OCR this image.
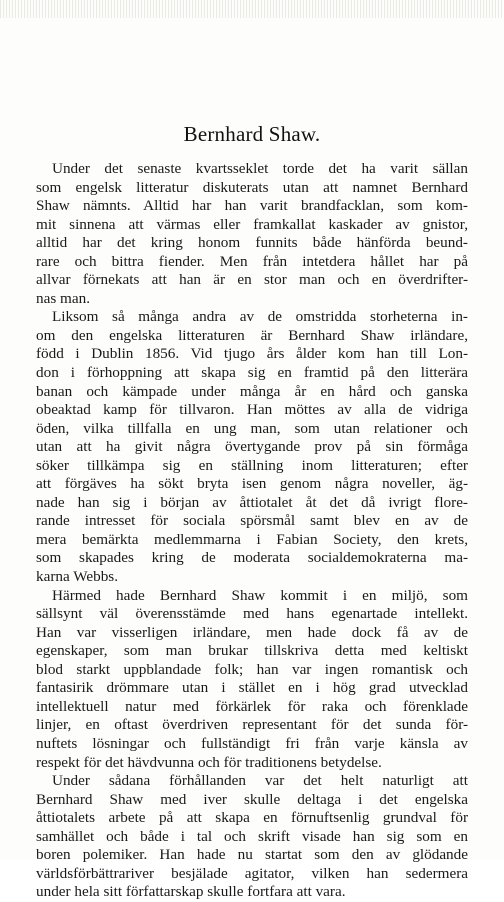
Bernhard Shaw.
Under det senaste kvartsseklet torde det ha varit sällan
som engelsk litteratur diskuterats utan att namnet Bernhard
Shaw nämnts. Alltid har han varit brandfacklan, som kom-
mit sinnena att värmas eller framkallat kaskader av gnistor,
alltid har det kring honom funnits både hänförda beund-
rare och bittra fiender. Men från intetdera hållet har på
allvar förnekats att han är en stor man och en överdrifter-
nas man.
Liksom så många andra av de omstridda storheterna in-
om den engelska litteraturen är Bernhard Shaw irländare,
född i Dublin 1856. Vid tjugo års ålder kom han till Lon-
don i förhoppning att skapa sig en framtid på den litterära
banan och kämpade under många år en hård och ganska
obeaktad kamp för tillvaron. Han möttes av alla de vidriga
öden, vilka tillfalla en ung man, som utan relationer och
utan att ha givit några övertygande prov på sin förmåga
söker tillkämpa sig en ställning inom litteraturen; efter
att förgäves ha sökt bryta isen genom några noveller, äg-
nade han sig i början av åttiotalet åt det då ivrigt flore-
rande intresset för sociala spörsmål samt blev en av de
mera bemärkta medlemmarna i Fabian Society, den krets,
som skapades kring de moderata socialdemokraterna ma-
karna Webbs.
Härmed hade Bernhard Shaw kommit i en miljö, som
sällsynt väl överensstämde med hans egenartade intellekt.
Han var visserligen irländare, men hade dock få av de
egenskaper, som man brukar tillskriva detta med keltiskt
blod starkt uppblandade folk; han var ingen romantisk och
fantasirik drömmare utan i stället en i hög grad utvecklad
intellektuell natur med förkärlek för raka och förenklade
linjer, en oftast överdriven representant för det sunda för-
nuftets lösningar och fullständigt fri från varje känsla av
respekt för det hävdvunna och för traditionens betydelse.
Under sådana förhållanden var det helt naturligt att
Bernhard Shaw med iver skulle deltaga i det engelska
åttiotalets arbete på att skapa en förnuftsenlig grundval för
samhället och både i tal och skrift visade han sig som en
boren polemiker. Han hade nu startat som den av glödande
världsförbättrariver besjälade agitator, vilken han sedermera
under hela sitt författarskap skulle fortfara att vara.
